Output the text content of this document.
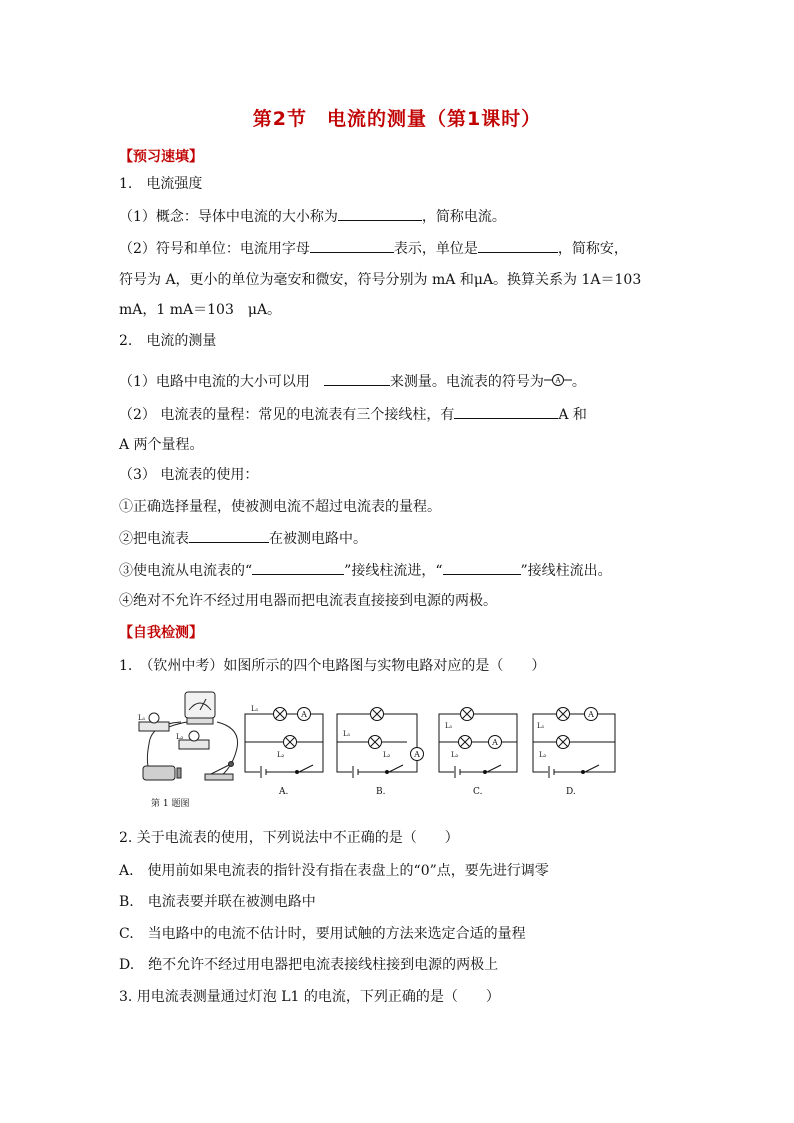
第2节　电流的测量（第1课时）
【预习速填】
1.　电流强度
（1）概念：导体中电流的大小称为	，简称电流。
（2）符号和单位：电流用字母	表示，单位是	，简称安，
符号为 A，更小的单位为毫安和微安，符号分别为 mA 和μA。换算关系为 1A＝103
mA，1 mA＝103　μA。
2.　电流的测量
（1）电路中电流的大小可以用　	来测量。电流表的符号为 A 。
（2） 电流表的量程：常见的电流表有三个接线柱，有	A 和
A 两个量程。
（3） 电流表的使用：
①正确选择量程，使被测电流不超过电流表的量程。
②把电流表	在被测电路中。
③使电流从电流表的“	”接线柱流进，“	”接线柱流出。
④绝对不允许不经过用电器而把电流表直接接到电源的两极。
【自我检测】
1.　（钦州中考）如图所示的四个电路图与实物电路对应的是（　　）
L₁
L₂
第 1 题图
A
A.
A
B.
A
C.
A
D.
L₁
L₂
L₁
L₂
L₁
L₂
L₁
L₂
2. 关于电流表的使用，下列说法中不正确的是（　　）
A.　使用前如果电流表的指针没有指在表盘上的“0”点，要先进行调零
B.　电流表要并联在被测电路中
C.　当电路中的电流不估计时，要用试触的方法来选定合适的量程
D.　绝不允许不经过用电器把电流表接线柱接到电源的两极上
3. 用电流表测量通过灯泡 L1 的电流，下列正确的是（　　）
